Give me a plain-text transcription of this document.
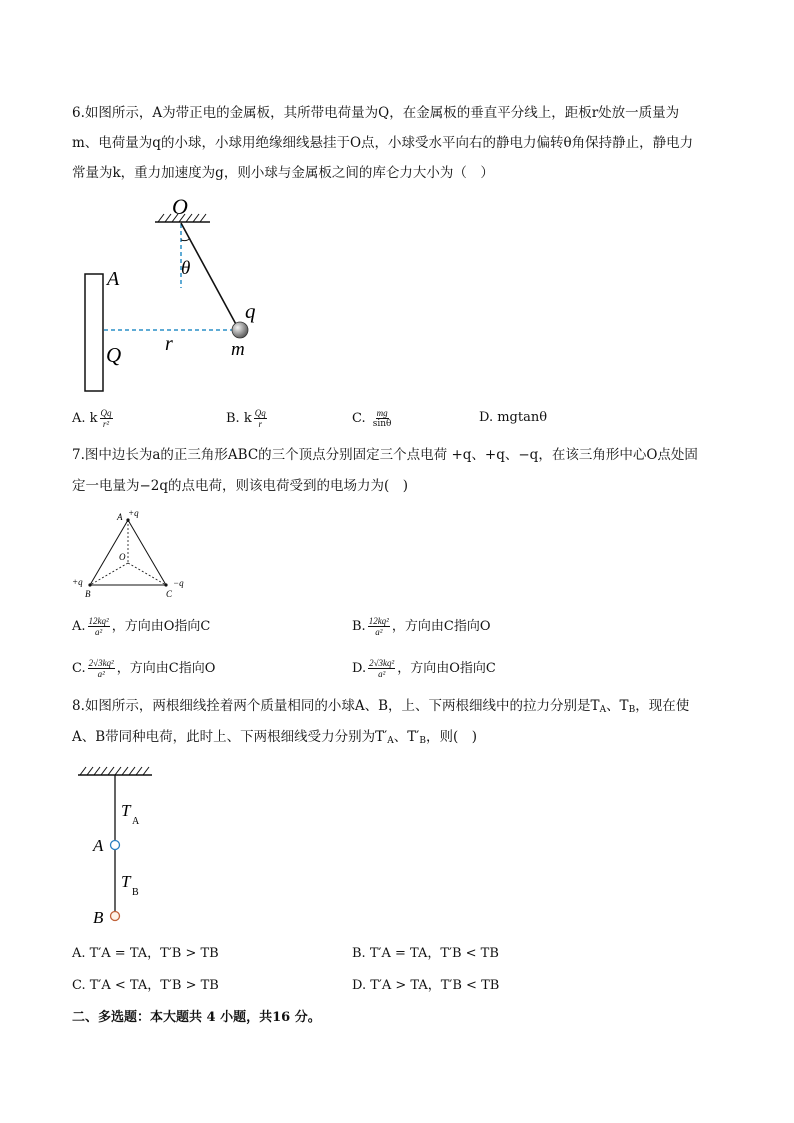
6.如图所示，A为带正电的金属板，其所带电荷量为Q，在金属板的垂直平分线上，距板r处放一质量为
m、电荷量为q的小球，小球用绝缘细线悬挂于O点，小球受水平向右的静电力偏转θ角保持静止，静电力
常量为k，重力加速度为g，则小球与金属板之间的库仑力大小为（　）
O
θ
A
Q r
q
m
A. k $\frac{Qq}{\text{r²}}$	B. k $\frac{Qq}{r}$	C. $\frac{mg}{\sin\theta}$	D. mgtanθ
7.图中边长为a的正三角形ABC的三个顶点分别固定三个点电荷 +q、+q、−q，在该三角形中心O点处固
定一电量为−2q的点电荷，则该电荷受到的电场力为(　)
A +q
O
+q
B	C
−q
A. $\frac{\text{12kq²}}{\text{a²}}$ ，方向由O指向C	B. $\frac{\text{12kq²}}{\text{a²}}$ ，方向由C指向O
C. $\frac{\text{2√3kq²}}{\text{a²}}$ ，方向由C指向O	D. $\frac{\text{2√3kq²}}{\text{a²}}$ ，方向由O指向C
8.如图所示，两根细线拴着两个质量相同的小球A、B，上、下两根细线中的拉力分别是$T_A$、$T_B$，现在使
A、B带同种电荷，此时上、下两根细线受力分别为$T'_A$、$T'_B$，则(　)
T
A
A
T
B
B
A. T′A = TA，T′B > TB	B. T′A = TA，T′B < TB
C. T′A < TA，T′B > TB	D. T′A > TA，T′B < TB
二、多选题：本大题共 4 小题，共16 分。
